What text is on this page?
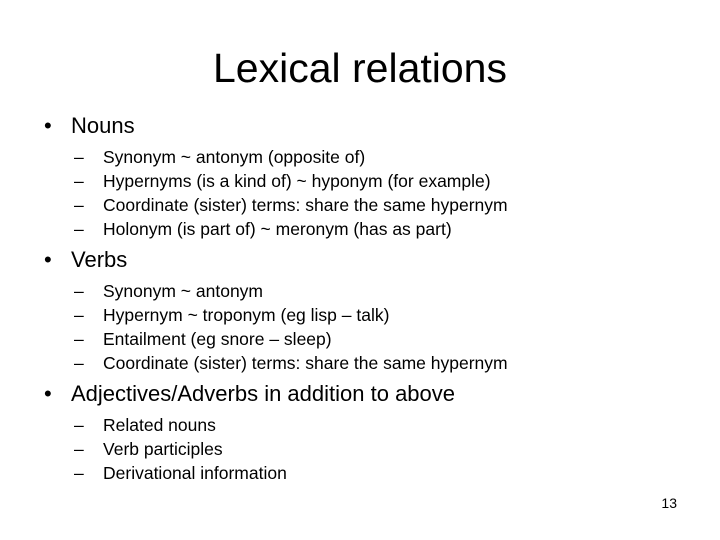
Lexical relations
• Nouns
–	Synonym ~ antonym (opposite of)
–	Hypernyms (is a kind of) ~ hyponym (for example)
–	Coordinate (sister) terms: share the same hypernym
–	Holonym (is part of) ~ meronym (has as part)
• Verbs
–	Synonym ~ antonym
–	Hypernym ~ troponym (eg lisp – talk)
–	Entailment (eg snore – sleep)
–	Coordinate (sister) terms: share the same hypernym
• Adjectives/Adverbs in addition to above
–	Related nouns
–	Verb participles
–	Derivational information
13
